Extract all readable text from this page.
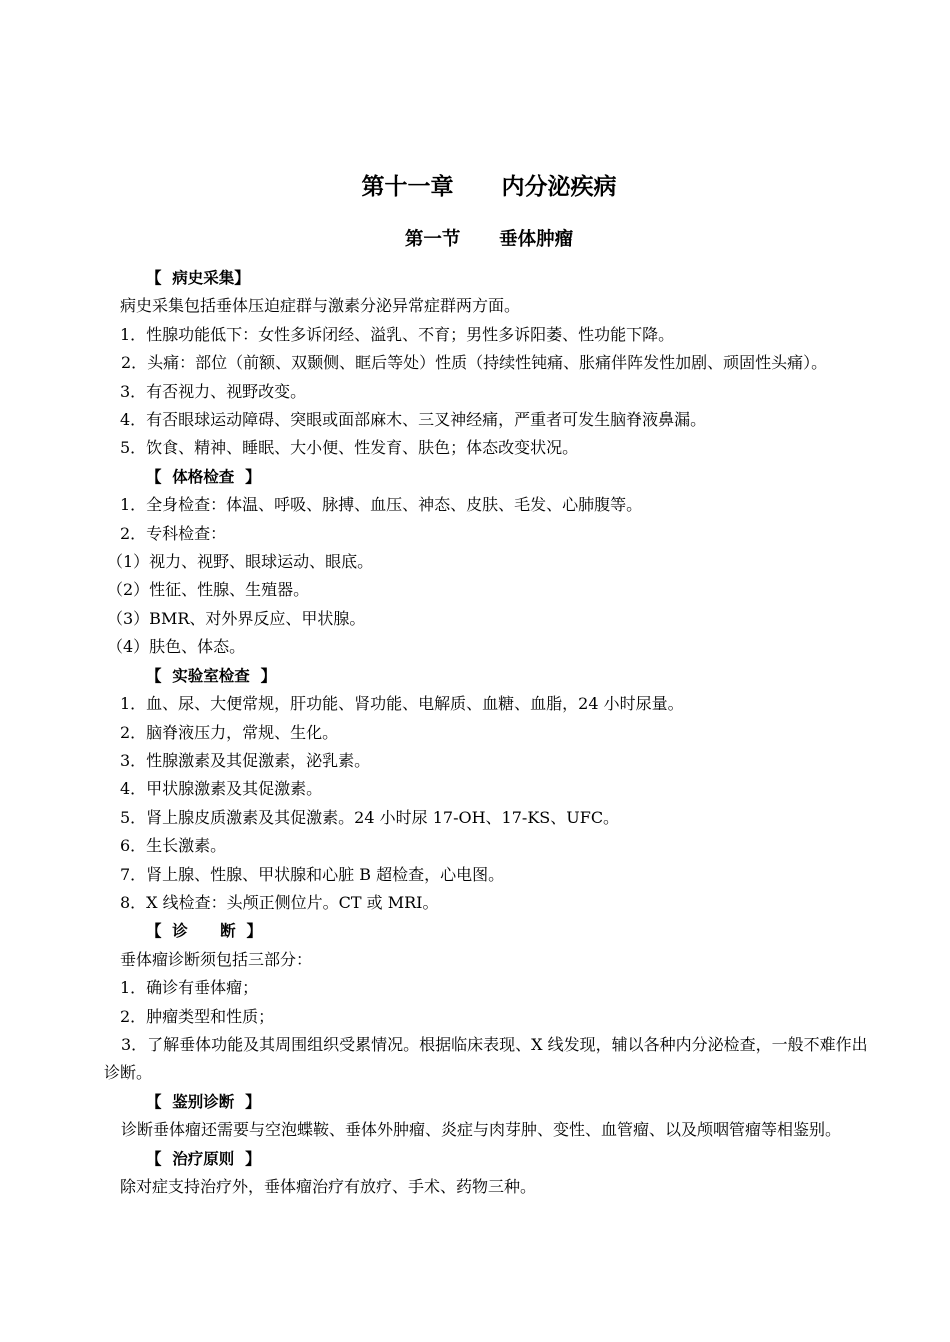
第十一章      内分泌疾病
第一节      垂体肿瘤

【  病史采集】

病史采集包括垂体压迫症群与激素分泌异常症群两方面。

1．性腺功能低下：女性多诉闭经、溢乳、不育；男性多诉阳萎、性功能下降。

2．头痛：部位（前额、双颞侧、眶后等处）性质（持续性钝痛、胀痛伴阵发性加剧、顽固性头痛）。

3．有否视力、视野改变。

4．有否眼球运动障碍、突眼或面部麻木、三叉神经痛，严重者可发生脑脊液鼻漏。

5．饮食、精神、睡眠、大小便、性发育、肤色；体态改变状况。

【  体格检查  】

1．全身检查：体温、呼吸、脉搏、血压、神态、皮肤、毛发、心肺腹等。

2．专科检查：

（1）视力、视野、眼球运动、眼底。

（2）性征、性腺、生殖器。

（3）BMR、对外界反应、甲状腺。

（4）肤色、体态。

【  实验室检查  】

1．血、尿、大便常规，肝功能、肾功能、电解质、血糖、血脂，24 小时尿量。

2．脑脊液压力，常规、生化。

3．性腺激素及其促激素，泌乳素。

4．甲状腺激素及其促激素。

5．肾上腺皮质激素及其促激素。24 小时尿 17-OH、17-KS、UFC。

6．生长激素。

7．肾上腺、性腺、甲状腺和心脏 B 超检查，心电图。

8．X 线检查：头颅正侧位片。CT 或 MRI。

【  诊      断  】

垂体瘤诊断须包括三部分：

1．确诊有垂体瘤；

2．肿瘤类型和性质；

3．了解垂体功能及其周围组织受累情况。根据临床表现、X 线发现，辅以各种内分泌检查，一般不难作出诊断。

【  鉴别诊断  】

诊断垂体瘤还需要与空泡蝶鞍、垂体外肿瘤、炎症与肉芽肿、变性、血管瘤、以及颅咽管瘤等相鉴别。

【  治疗原则  】

除对症支持治疗外，垂体瘤治疗有放疗、手术、药物三种。
